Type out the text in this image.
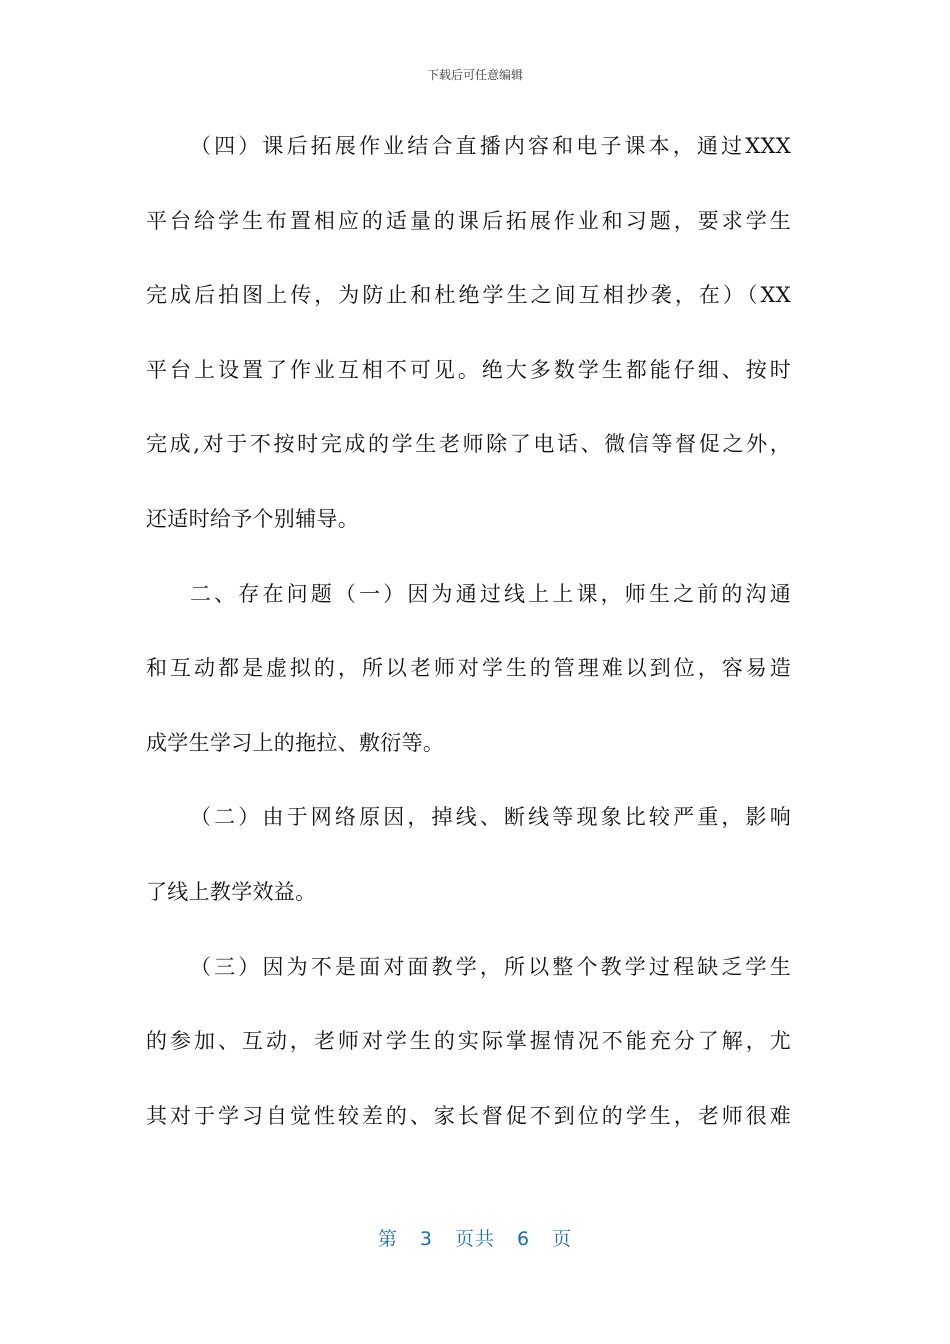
下载后可任意编辑
（四）课后拓展作业结合直播内容和电子课本，通过XXX
平台给学生布置相应的适量的课后拓展作业和习题，要求学生
完成后拍图上传，为防止和杜绝学生之间互相抄袭，在）（XX
平台上设置了作业互相不可见。绝大多数学生都能仔细、按时
完成,对于不按时完成的学生老师除了电话、微信等督促之外，
还适时给予个别辅导。
二、存在问题（一）因为通过线上上课，师生之前的沟通
和互动都是虚拟的，所以老师对学生的管理难以到位，容易造
成学生学习上的拖拉、敷衍等。
（二）由于网络原因，掉线、断线等现象比较严重，影响
了线上教学效益。
（三）因为不是面对面教学，所以整个教学过程缺乏学生
的参加、互动，老师对学生的实际掌握情况不能充分了解，尤
其对于学习自觉性较差的、家长督促不到位的学生，老师很难
第 3 页共 6 页
